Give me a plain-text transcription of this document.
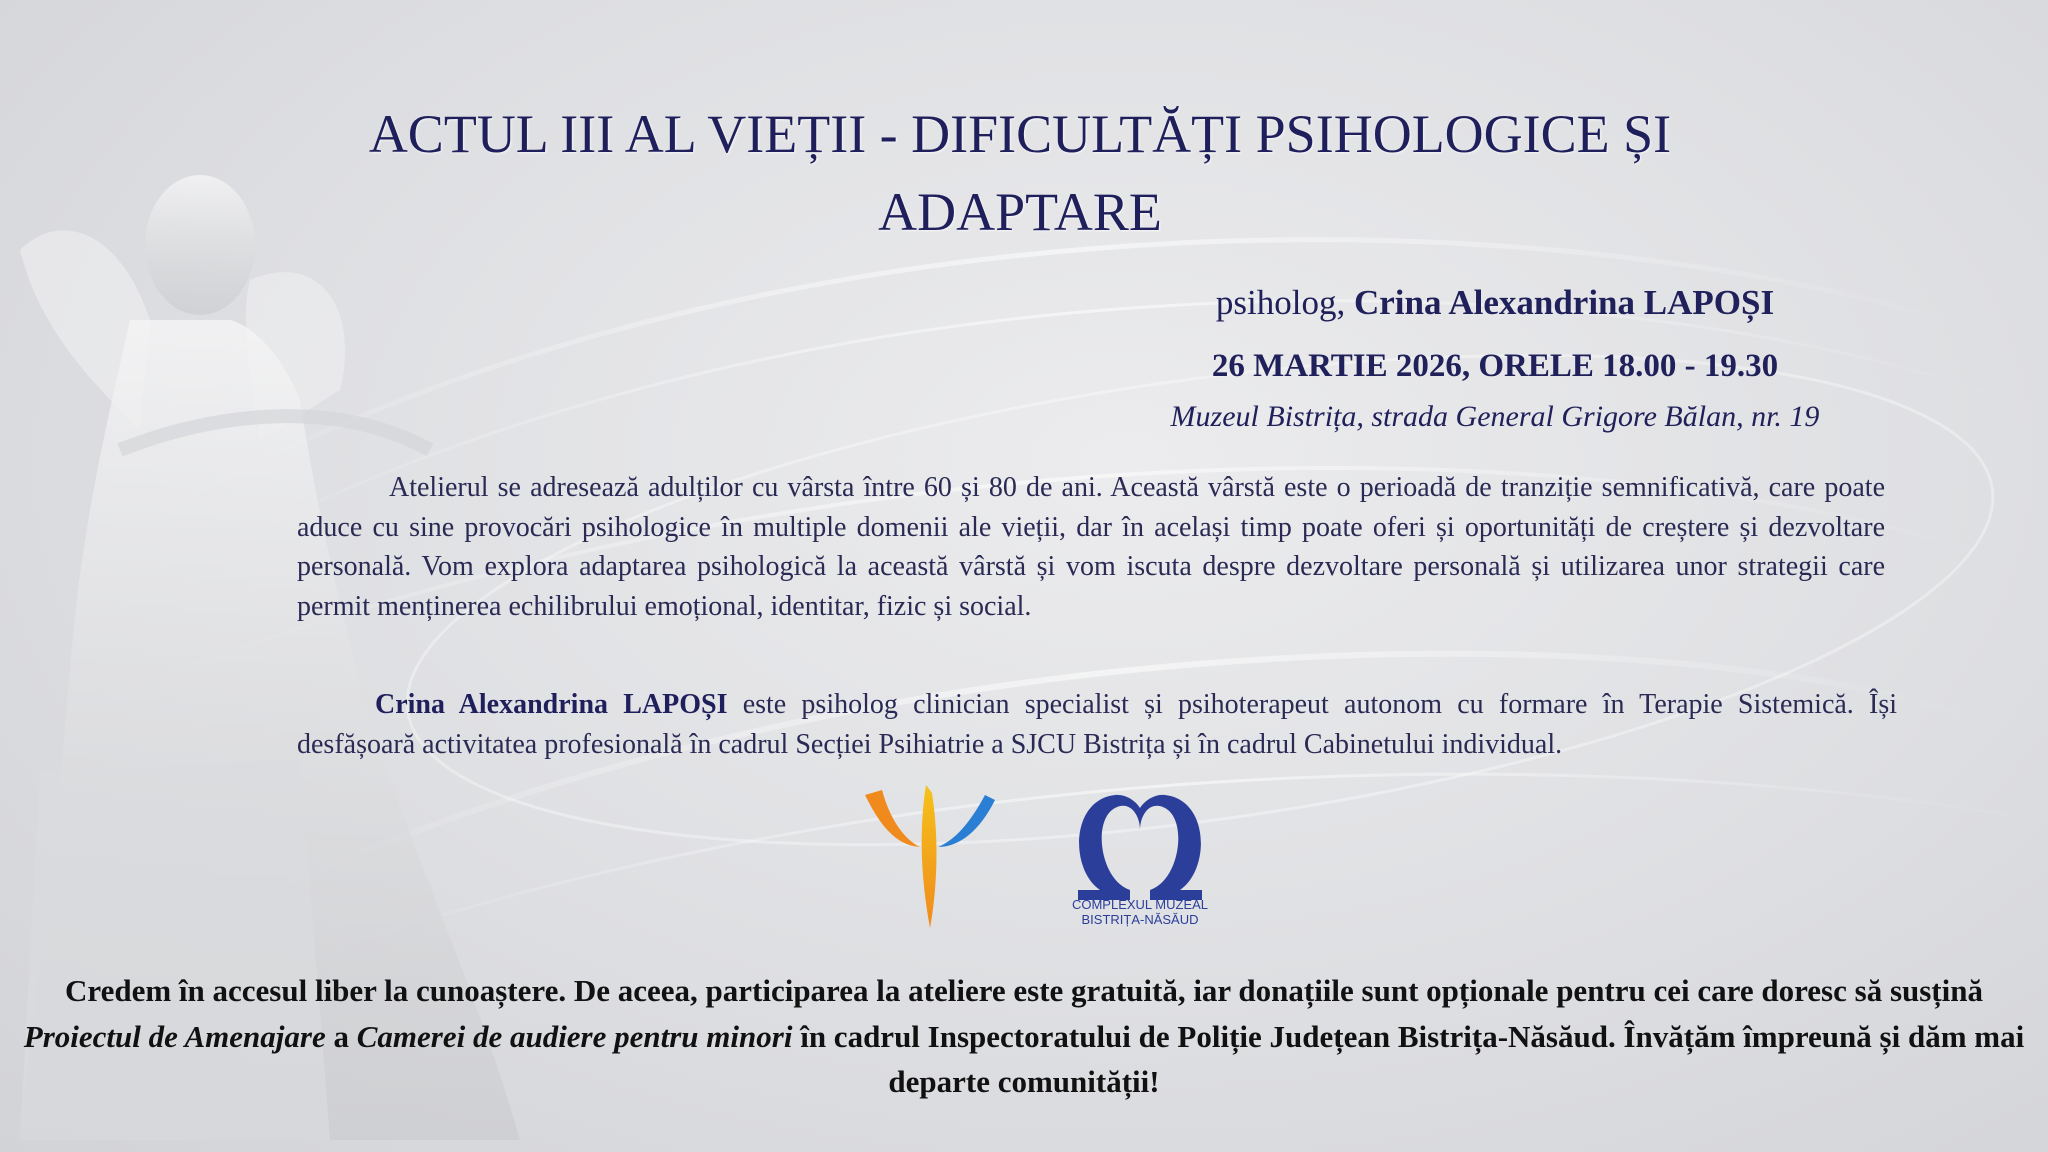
ACTUL III AL VIEȚII - DIFICULTĂȚI PSIHOLOGICE ȘI
ADAPTARE
psiholog, Crina Alexandrina LAPOȘI
26 MARTIE 2026, ORELE 18.00 - 19.30
Muzeul Bistrița, strada General Grigore Bălan, nr. 19

Atelierul se adresează adulților cu vârsta între 60 și 80 de ani. Această vârstă este o perioadă de tranziție semnificativă, care poate aduce cu sine provocări psihologice în multiple domenii ale vieții, dar în același timp poate oferi și oportunități de creștere și dezvoltare personală. Vom explora adaptarea psihologică la această vârstă și vom iscuta despre dezvoltare personală și utilizarea unor strategii care permit menținerea echilibrului emoțional, identitar, fizic și social.

Crina Alexandrina LAPOȘI este psiholog clinician specialist și psihoterapeut autonom cu formare în Terapie Sistemică. Își desfășoară activitatea profesională în cadrul Secției Psihiatrie a SJCU Bistrița și în cadrul Cabinetului individual.

COMPLEXUL MUZEAL
BISTRIȚA-NĂSĂUD

Credem în accesul liber la cunoaștere. De aceea, participarea la ateliere este gratuită, iar donațiile sunt opționale pentru cei care doresc să susțină Proiectul de Amenajare a Camerei de audiere pentru minori în cadrul Inspectoratului de Poliție Județean Bistrița-Năsăud. Învățăm împreună și dăm mai departe comunității!
